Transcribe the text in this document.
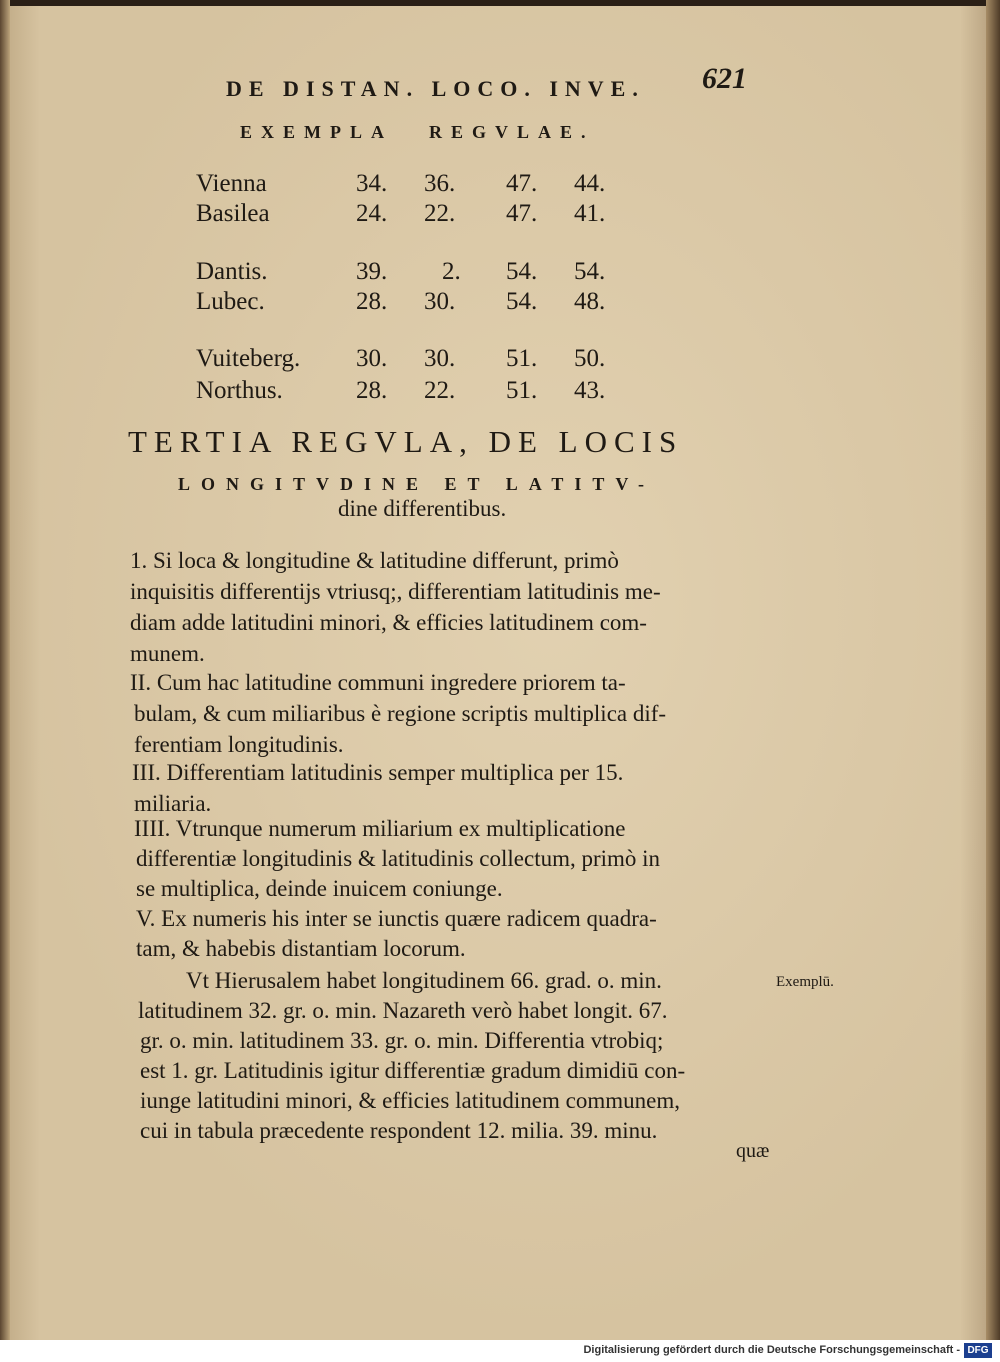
DE DISTAN. LOCO. INVE. 621
EXEMPLA REGVLAE.
Vienna	34. 36. 47. 44.
Basilea	24. 22. 47. 41.
Dantis.	39. 2. 54. 54.
Lubec.	28. 30. 54. 48.
Vuiteberg. 30. 30. 51. 50.
Northus.	28. 22. 51. 43.
TERTIA REGVLA, DE LOCIS
LONGITVDINE ET LATITV-
dine differentibus.
1. Si loca & longitudine & latitudine differunt, primò
inquisitis differentijs vtriusq;, differentiam latitudinis me-
diam adde latitudini minori, & efficies latitudinem com-
munem.
II. Cum hac latitudine communi ingredere priorem ta-
bulam, & cum miliaribus è regione scriptis multiplica dif-
ferentiam longitudinis.
III. Differentiam latitudinis semper multiplica per 15.
miliaria.
IIII. Vtrunque numerum miliarium ex multiplicatione
differentiæ longitudinis & latitudinis collectum, primò in
se multiplica, deinde inuicem coniunge.
V. Ex numeris his inter se iunctis quære radicem quadra-
tam, & habebis distantiam locorum.
Vt Hierusalem habet longitudinem 66. grad. o. min.
latitudinem 32. gr. o. min. Nazareth verò habet longit. 67.
gr. o. min. latitudinem 33. gr. o. min. Differentia vtrobiq;
est 1. gr. Latitudinis igitur differentiæ gradum dimidiū con-
iunge latitudini minori, & efficies latitudinem communem,
cui in tabula præcedente respondent 12. milia. 39. minu.
Exemplū.
quæ
Digitalisierung gefördert durch die Deutsche Forschungsgemeinschaft - DFG
